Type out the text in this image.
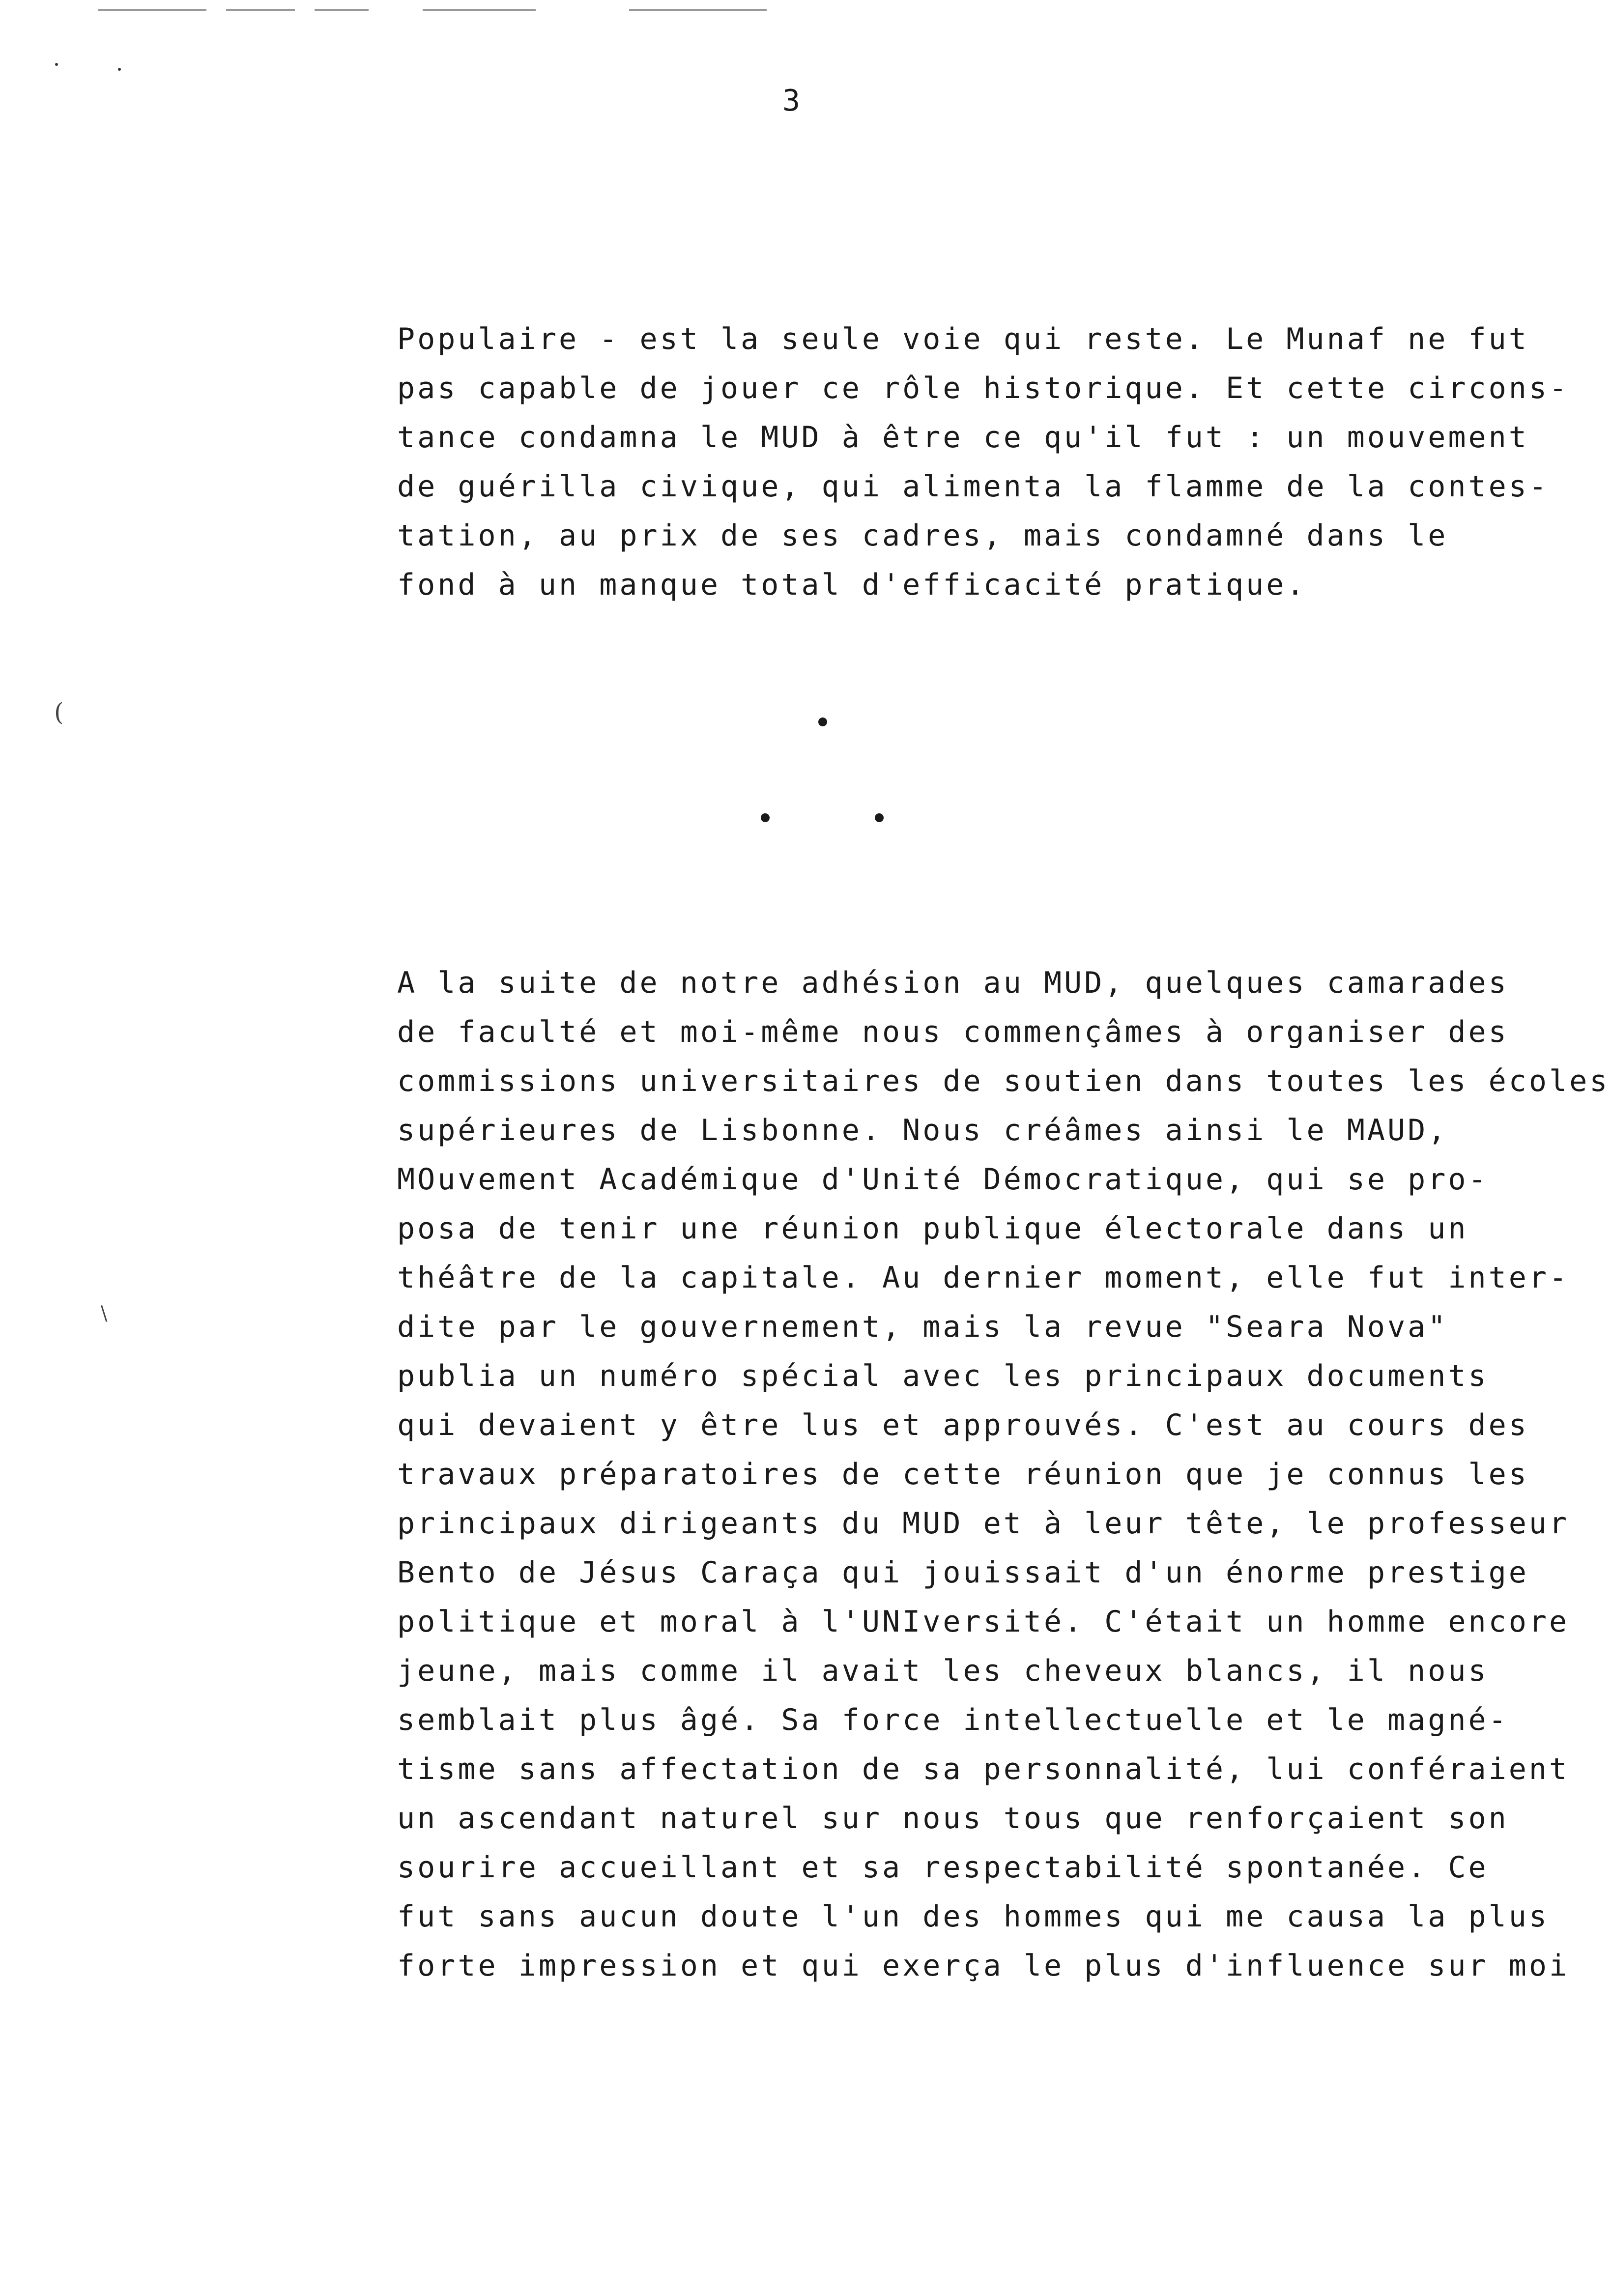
(
\
3
Populaire - est la seule voie qui reste. Le Munaf ne fut
pas capable de jouer ce rôle historique. Et cette circons-
tance condamna le MUD à être ce qu'il fut : un mouvement
de guérilla civique, qui alimenta la flamme de la contes-
tation, au prix de ses cadres, mais condamné dans le
fond à un manque total d'efficacité pratique.
A la suite de notre adhésion au MUD, quelques camarades
de faculté et moi-même nous commençâmes à organiser des
commissions universitaires de soutien dans toutes les écoles
supérieures de Lisbonne. Nous créâmes ainsi le MAUD,
MOuvement Académique d'Unité Démocratique, qui se pro-
posa de tenir une réunion publique électorale dans un
théâtre de la capitale. Au dernier moment, elle fut inter-
dite par le gouvernement, mais la revue "Seara Nova"
publia un numéro spécial avec les principaux documents
qui devaient y être lus et approuvés. C'est au cours des
travaux préparatoires de cette réunion que je connus les
principaux dirigeants du MUD et à leur tête, le professeur
Bento de Jésus Caraça qui jouissait d'un énorme prestige
politique et moral à l'UNIversité. C'était un homme encore
jeune, mais comme il avait les cheveux blancs, il nous
semblait plus âgé. Sa force intellectuelle et le magné-
tisme sans affectation de sa personnalité, lui conféraient
un ascendant naturel sur nous tous que renforçaient son
sourire accueillant et sa respectabilité spontanée. Ce
fut sans aucun doute l'un des hommes qui me causa la plus
forte impression et qui exerça le plus d'influence sur moi
